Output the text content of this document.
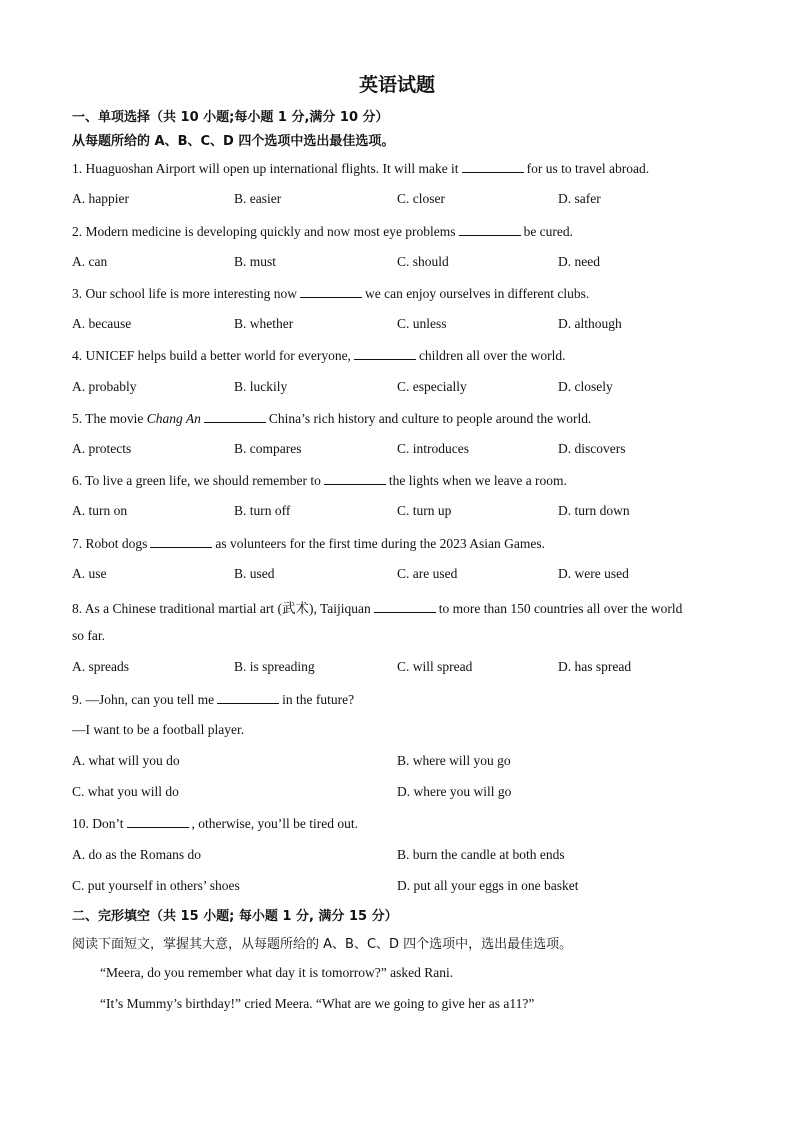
英语试题
一、单项选择（共 10 小题;每小题 1 分,满分 10 分）
从每题所给的 A、B、C、D 四个选项中选出最佳选项。
1. Huaguoshan Airport will open up international flights. It will make it	for us to travel abroad.
A. happier	B. easier	C. closer	D. safer
2. Modern medicine is developing quickly and now most eye problems	be cured.
A. can	B. must	C. should	D. need
3. Our school life is more interesting now	we can enjoy ourselves in different clubs.
A. because	B. whether	C. unless	D. although
4. UNICEF helps build a better world for everyone,	children all over the world.
A. probably	B. luckily	C. especially	D. closely
5. The movie Chang An	China’s rich history and culture to people around the world.
A. protects	B. compares	C. introduces	D. discovers
6. To live a green life, we should remember to	the lights when we leave a room.
A. turn on	B. turn off	C. turn up	D. turn down
7. Robot dogs	as volunteers for the first time during the 2023 Asian Games.
A. use	B. used	C. are used	D. were used
8. As a Chinese traditional martial art (武术), Taijiquan	to more than 150 countries all over the world
so far.
A. spreads	B. is spreading	C. will spread	D. has spread
9. —John, can you tell me	in the future?
—I want to be a football player.
A. what will you do	B. where will you go
C. what you will do	D. where you will go
10. Don’t	, otherwise, you’ll be tired out.
A. do as the Romans do	B. burn the candle at both ends
C. put yourself in others’ shoes	D. put all your eggs in one basket
二、完形填空（共 15 小题; 每小题 1 分, 满分 15 分）
阅读下面短文，掌握其大意，从每题所给的 A、B、C、D 四个选项中，选出最佳选项。
“Meera, do you remember what day it is tomorrow?” asked Rani.
“It’s Mummy’s birthday!” cried Meera. “What are we going to give her as a11?”
